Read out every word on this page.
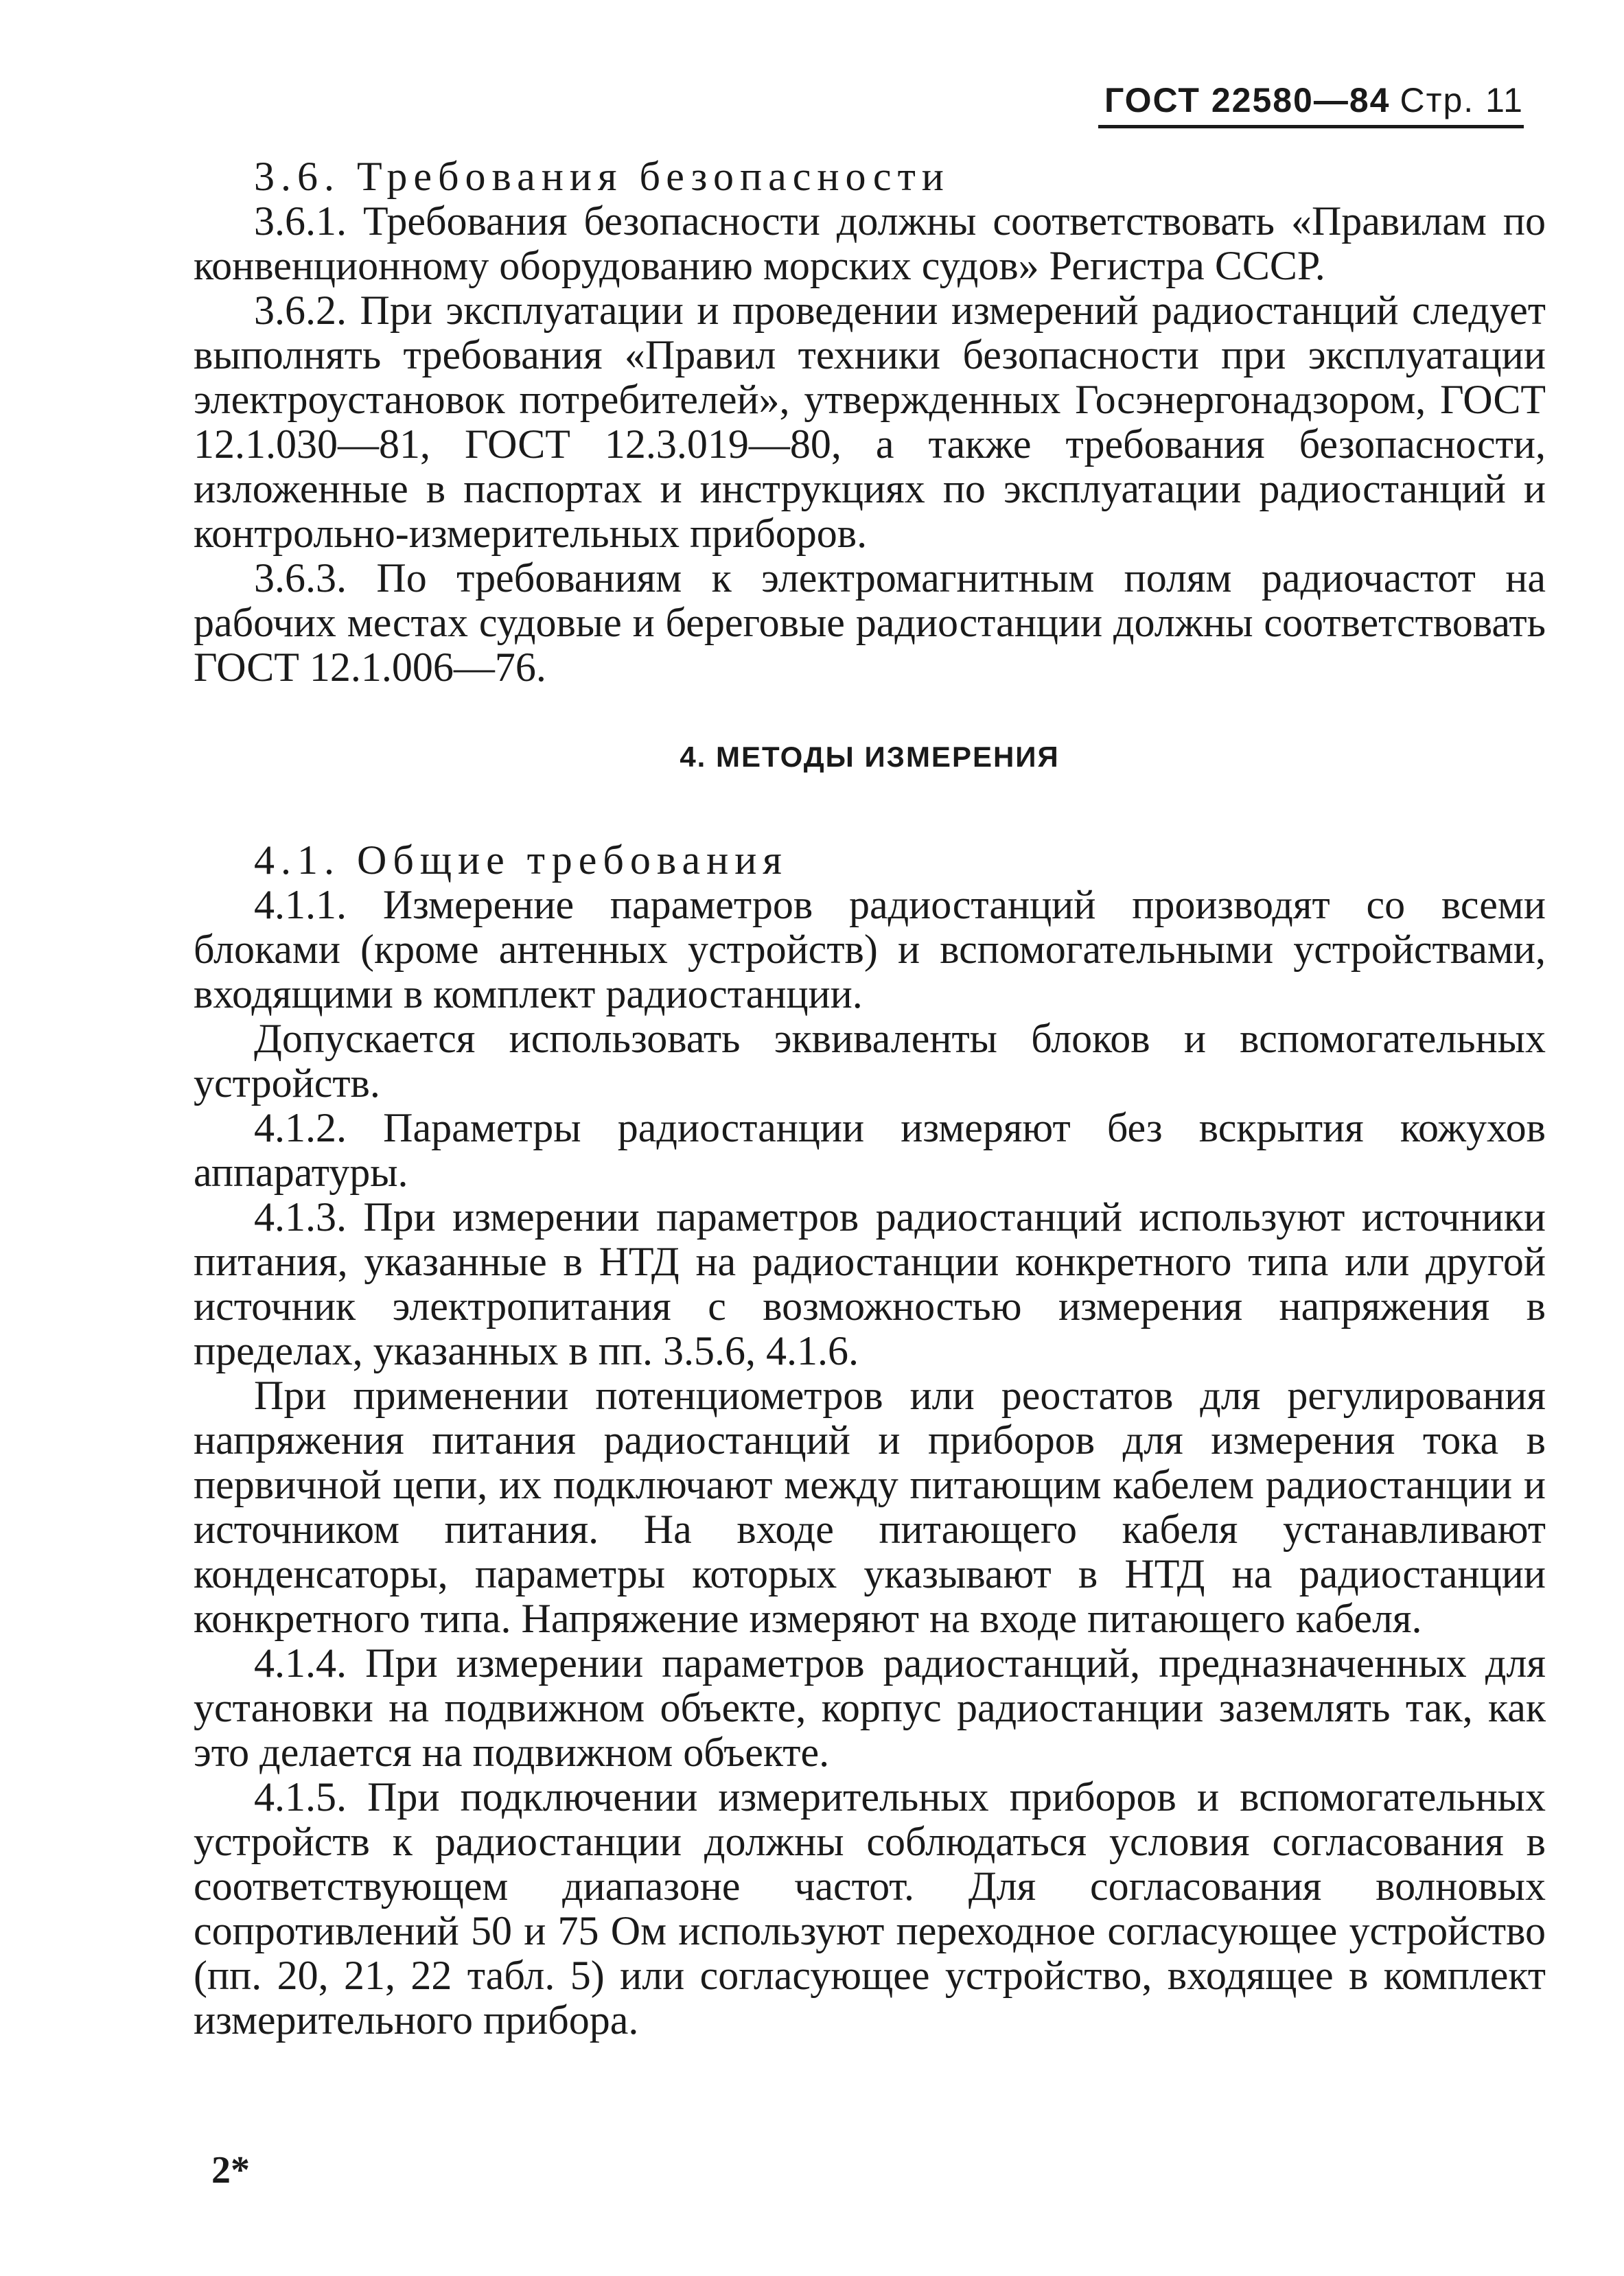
ГОСТ 22580—84 Стр. 11

3.6. Требования безопасности

3.6.1. Требования безопасности должны соответствовать «Правилам по конвенционному оборудованию морских судов» Регистра СССР.

3.6.2. При эксплуатации и проведении измерений радиостанций следует выполнять требования «Правил техники безопасности при эксплуатации электроустановок потребителей», утвержденных Госэнергонадзором, ГОСТ 12.1.030—81, ГОСТ 12.3.019—80, а также требования безопасности, изложенные в паспортах и инструкциях по эксплуатации радиостанций и контрольно-измерительных приборов.

3.6.3. По требованиям к электромагнитным полям радиочастот на рабочих местах судовые и береговые радиостанции должны соответствовать ГОСТ 12.1.006—76.

4. МЕТОДЫ ИЗМЕРЕНИЯ

4.1. Общие требования

4.1.1. Измерение параметров радиостанций производят со всеми блоками (кроме антенных устройств) и вспомогательными устройствами, входящими в комплект радиостанции.

Допускается использовать эквиваленты блоков и вспомогательных устройств.

4.1.2. Параметры радиостанции измеряют без вскрытия кожухов аппаратуры.

4.1.3. При измерении параметров радиостанций используют источники питания, указанные в НТД на радиостанции конкретного типа или другой источник электропитания с возможностью измерения напряжения в пределах, указанных в пп. 3.5.6, 4.1.6.

При применении потенциометров или реостатов для регулирования напряжения питания радиостанций и приборов для измерения тока в первичной цепи, их подключают между питающим кабелем радиостанции и источником питания. На входе питающего кабеля устанавливают конденсаторы, параметры которых указывают в НТД на радиостанции конкретного типа. Напряжение измеряют на входе питающего кабеля.

4.1.4. При измерении параметров радиостанций, предназначенных для установки на подвижном объекте, корпус радиостанции заземлять так, как это делается на подвижном объекте.

4.1.5. При подключении измерительных приборов и вспомогательных устройств к радиостанции должны соблюдаться условия согласования в соответствующем диапазоне частот. Для согласования волновых сопротивлений 50 и 75 Ом используют переходное согласующее устройство (пп. 20, 21, 22 табл. 5) или согласующее устройство, входящее в комплект измерительного прибора.

2*
